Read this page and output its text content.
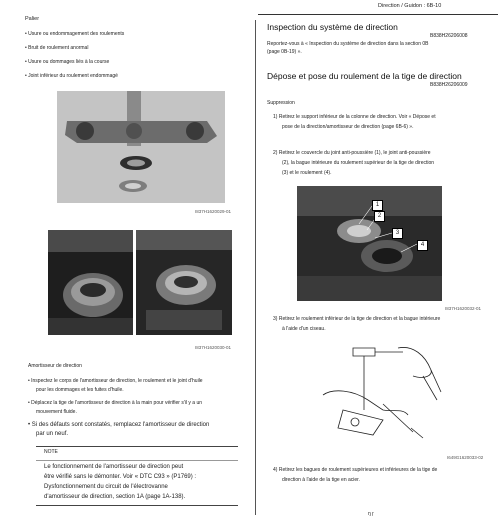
Direction / Guidon : 6B-10
Palier
• Usure ou endommagement des roulements
• Bruit de roulement anormal
• Usure ou dommages liés à la course
• Joint inférieur du roulement endommagé
I837H1620029-01
I837H1620030-01
Amortisseur de direction
• Inspectez le corps de l'amortisseur de direction, le roulement et le joint d'huile
pour les dommages et les fuites d'huile.
• Déplacez la tige de l'amortisseur de direction à la main pour vérifier s'il y a un
mouvement fluide.
• Si des défauts sont constatés, remplacez l'amortisseur de direction
par un neuf.
NOTE
Le fonctionnement de l'amortisseur de direction peut
être vérifié sans le démonter. Voir « DTC C93 » (P1769) :
Dysfonctionnement du circuit de l'électrovanne
d'amortisseur de direction, section 1A (page 1A-138).
Inspection du système de direction
B838H26206008
Reportez-vous à « Inspection du système de direction dans la section 0B
(page 0B-19) ».
Dépose et pose du roulement de la tige de direction
B838H26206009
Suppression
1) Retirez le support inférieur de la colonne de direction. Voir « Dépose et
pose de la direction/amortisseur de direction (page 6B-6) ».
2) Retirez le couvercle du joint anti-poussière (1), le joint anti-poussière
(2), la bague intérieure du roulement supérieur de la tige de direction
(3) et le roulement (4).
1
2
3
4
I837H1620032-01
3) Retirez le roulement inférieur de la tige de direction et la bague intérieure
à l'aide d'un ciseau.
I649G1620033-02
4) Retirez les bagues de roulement supérieures et inférieures de la tige de
direction à l'aide de la tige en acier.
ŋ ŗ
